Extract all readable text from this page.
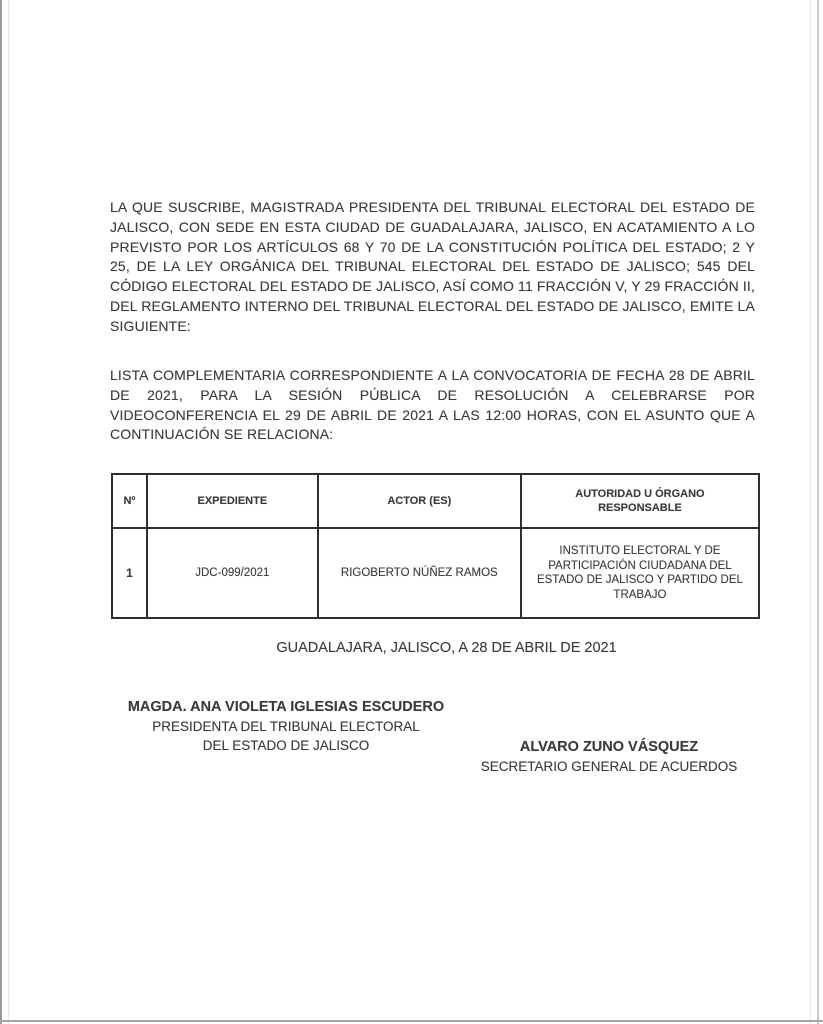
LA QUE SUSCRIBE, MAGISTRADA PRESIDENTA DEL TRIBUNAL ELECTORAL DEL ESTADO DE JALISCO, CON SEDE EN ESTA CIUDAD DE GUADALAJARA, JALISCO, EN ACATAMIENTO A LO PREVISTO POR LOS ARTÍCULOS 68 Y 70 DE LA CONSTITUCIÓN POLÍTICA DEL ESTADO; 2 Y 25, DE LA LEY ORGÁNICA DEL TRIBUNAL ELECTORAL DEL ESTADO DE JALISCO; 545 DEL CÓDIGO ELECTORAL DEL ESTADO DE JALISCO, ASÍ COMO 11 FRACCIÓN V, Y 29 FRACCIÓN II, DEL REGLAMENTO INTERNO DEL TRIBUNAL ELECTORAL DEL ESTADO DE JALISCO, EMITE LA SIGUIENTE:

LISTA COMPLEMENTARIA CORRESPONDIENTE A LA CONVOCATORIA DE FECHA 28 DE ABRIL DE 2021, PARA LA SESIÓN PÚBLICA DE RESOLUCIÓN A CELEBRARSE POR VIDEOCONFERENCIA EL 29 DE ABRIL DE 2021 A LAS 12:00 HORAS, CON EL ASUNTO QUE A CONTINUACIÓN SE RELACIONA:

Nº	EXPEDIENTE	ACTOR (ES)	AUTORIDAD U ÓRGANO RESPONSABLE
1	JDC-099/2021	RIGOBERTO NÚÑEZ RAMOS	INSTITUTO ELECTORAL Y DE PARTICIPACIÓN CIUDADANA DEL ESTADO DE JALISCO Y PARTIDO DEL TRABAJO
GUADALAJARA, JALISCO, A 28 DE ABRIL DE 2021
MAGDA. ANA VIOLETA IGLESIAS ESCUDERO
PRESIDENTA DEL TRIBUNAL ELECTORAL
DEL ESTADO DE JALISCO	ALVARO ZUNO VÁSQUEZ
SECRETARIO GENERAL DE ACUERDOS
